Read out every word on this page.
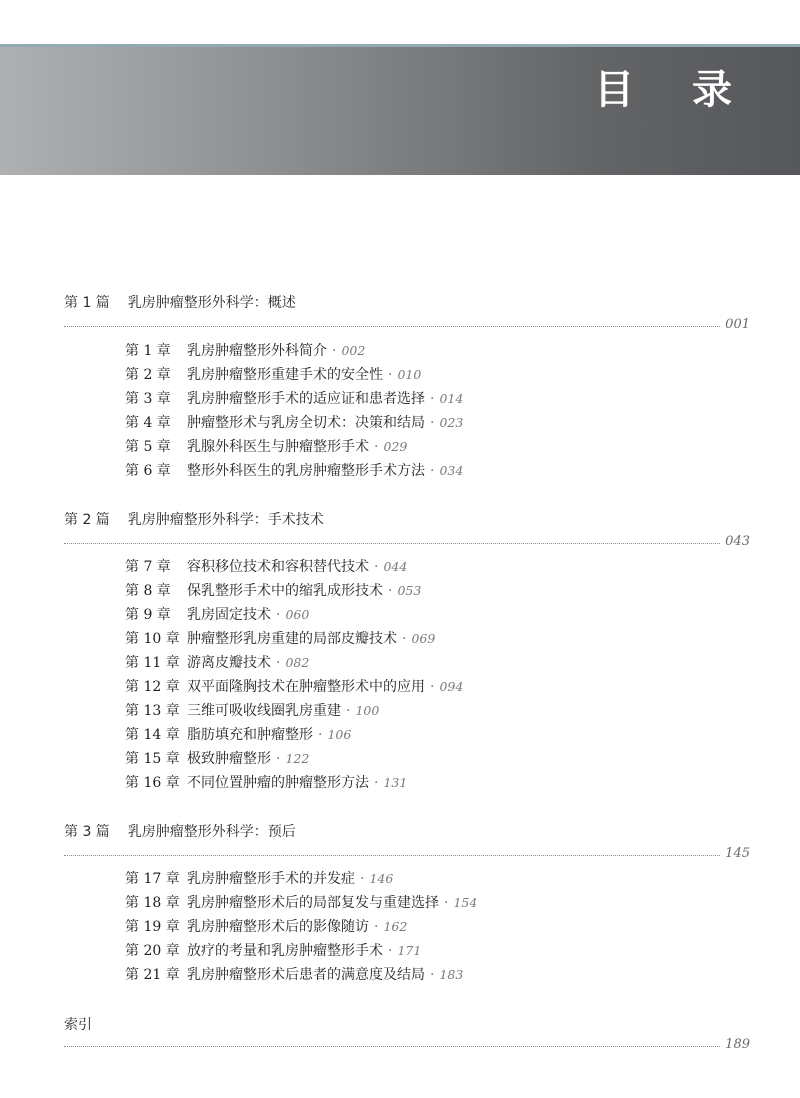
目 录
第 1 篇 乳房肿瘤整形外科学：概述
001
第 1 章 乳房肿瘤整形外科简介 · 002
第 2 章 乳房肿瘤整形重建手术的安全性 · 010
第 3 章 乳房肿瘤整形手术的适应证和患者选择 · 014
第 4 章 肿瘤整形术与乳房全切术：决策和结局 · 023
第 5 章 乳腺外科医生与肿瘤整形手术 · 029
第 6 章 整形外科医生的乳房肿瘤整形手术方法 · 034
第 2 篇 乳房肿瘤整形外科学：手术技术
043
第 7 章 容积移位技术和容积替代技术 · 044
第 8 章 保乳整形手术中的缩乳成形技术 · 053
第 9 章 乳房固定技术 · 060
第 10 章 肿瘤整形乳房重建的局部皮瓣技术 · 069
第 11 章 游离皮瓣技术 · 082
第 12 章 双平面隆胸技术在肿瘤整形术中的应用 · 094
第 13 章 三维可吸收线圈乳房重建 · 100
第 14 章 脂肪填充和肿瘤整形 · 106
第 15 章 极致肿瘤整形 · 122
第 16 章 不同位置肿瘤的肿瘤整形方法 · 131
第 3 篇 乳房肿瘤整形外科学：预后
145
第 17 章 乳房肿瘤整形手术的并发症 · 146
第 18 章 乳房肿瘤整形术后的局部复发与重建选择 · 154
第 19 章 乳房肿瘤整形术后的影像随访 · 162
第 20 章 放疗的考量和乳房肿瘤整形手术 · 171
第 21 章 乳房肿瘤整形术后患者的满意度及结局 · 183
索引
189
